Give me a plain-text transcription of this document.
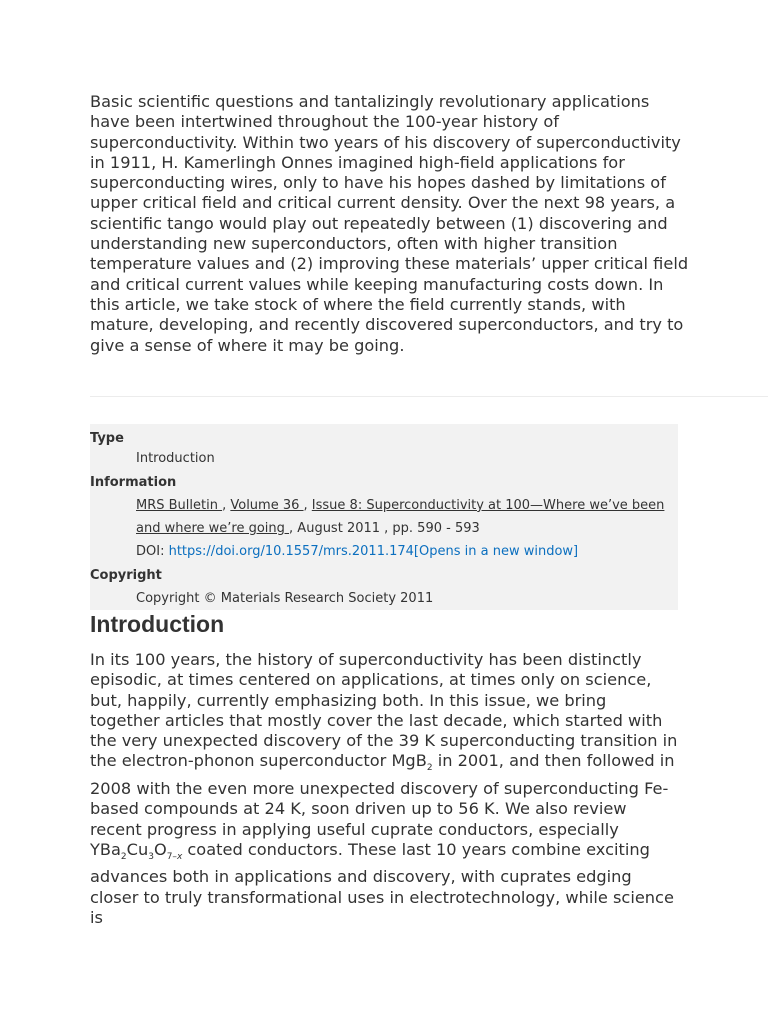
Basic scientific questions and tantalizingly revolutionary applications have been intertwined throughout the 100-year history of superconductivity. Within two years of his discovery of superconductivity in 1911, H. Kamerlingh Onnes imagined high-field applications for superconducting wires, only to have his hopes dashed by limitations of upper critical field and critical current density. Over the next 98 years, a scientific tango would play out repeatedly between (1) discovering and understanding new superconductors, often with higher transition temperature values and (2) improving these materials’ upper critical field and critical current values while keeping manufacturing costs down. In this article, we take stock of where the field currently stands, with mature, developing, and recently discovered superconductors, and try to give a sense of where it may be going.

Type
Introduction
Information
MRS Bulletin , Volume 36 , Issue 8: Superconductivity at 100—Where we’ve been
and where we’re going , August 2011 , pp. 590 - 593
DOI: https://doi.org/10.1557/mrs.2011.174[Opens in a new window]
Copyright
Copyright © Materials Research Society 2011
Introduction

In its 100 years, the history of superconductivity has been distinctly episodic, at times centered on applications, at times only on science, but, happily, currently emphasizing both. In this issue, we bring together articles that mostly cover the last decade, which started with the very unexpected discovery of the 39 K superconducting transition in the electron-phonon superconductor MgB$_2$ in 2001, and then followed in 2008 with the even more unexpected discovery of superconducting Fe-based compounds at 24 K, soon driven up to 56 K. We also review recent progress in applying useful cuprate conductors, especially $YBa_2Cu_3O_{7-x}$ coated conductors. These last 10 years combine exciting advances both in applications and discovery, with cuprates edging closer to truly transformational uses in electrotechnology, while science is
